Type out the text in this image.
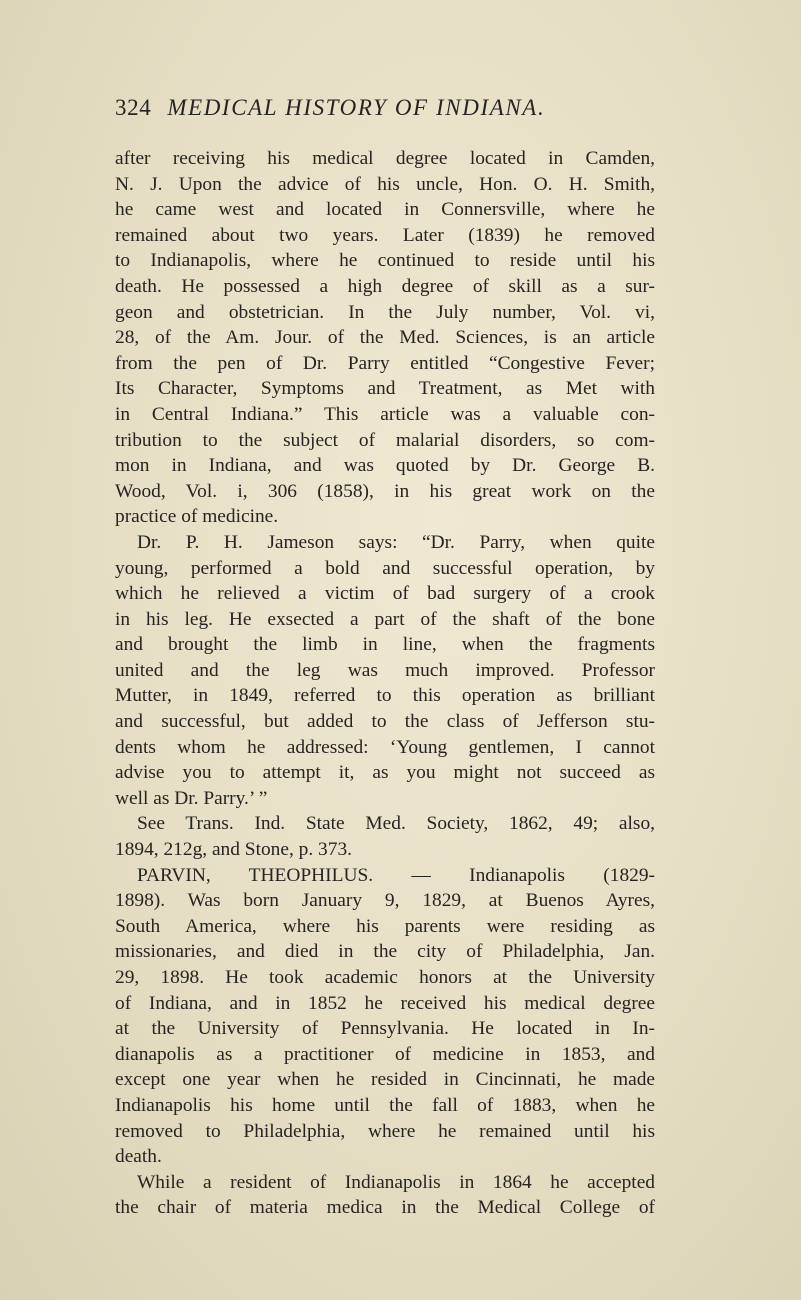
324 MEDICAL HISTORY OF INDIANA.
after receiving his medical degree located in Camden,
N. J. Upon the advice of his uncle, Hon. O. H. Smith,
he came west and located in Connersville, where he
remained about two years. Later (1839) he removed
to Indianapolis, where he continued to reside until his
death. He possessed a high degree of skill as a sur-
geon and obstetrician. In the July number, Vol. vi,
28, of the Am. Jour. of the Med. Sciences, is an article
from the pen of Dr. Parry entitled “Congestive Fever;
Its Character, Symptoms and Treatment, as Met with
in Central Indiana.” This article was a valuable con-
tribution to the subject of malarial disorders, so com-
mon in Indiana, and was quoted by Dr. George B.
Wood, Vol. i, 306 (1858), in his great work on the
practice of medicine.
Dr. P. H. Jameson says: “Dr. Parry, when quite
young, performed a bold and successful operation, by
which he relieved a victim of bad surgery of a crook
in his leg. He exsected a part of the shaft of the bone
and brought the limb in line, when the fragments
united and the leg was much improved. Professor
Mutter, in 1849, referred to this operation as brilliant
and successful, but added to the class of Jefferson stu-
dents whom he addressed: ‘Young gentlemen, I cannot
advise you to attempt it, as you might not succeed as
well as Dr. Parry.’ ”
See Trans. Ind. State Med. Society, 1862, 49; also,
1894, 212g, and Stone, p. 373.
PARVIN, THEOPHILUS. — Indianapolis (1829-
1898). Was born January 9, 1829, at Buenos Ayres,
South America, where his parents were residing as
missionaries, and died in the city of Philadelphia, Jan.
29, 1898. He took academic honors at the University
of Indiana, and in 1852 he received his medical degree
at the University of Pennsylvania. He located in In-
dianapolis as a practitioner of medicine in 1853, and
except one year when he resided in Cincinnati, he made
Indianapolis his home until the fall of 1883, when he
removed to Philadelphia, where he remained until his
death.
While a resident of Indianapolis in 1864 he accepted
the chair of materia medica in the Medical College of
